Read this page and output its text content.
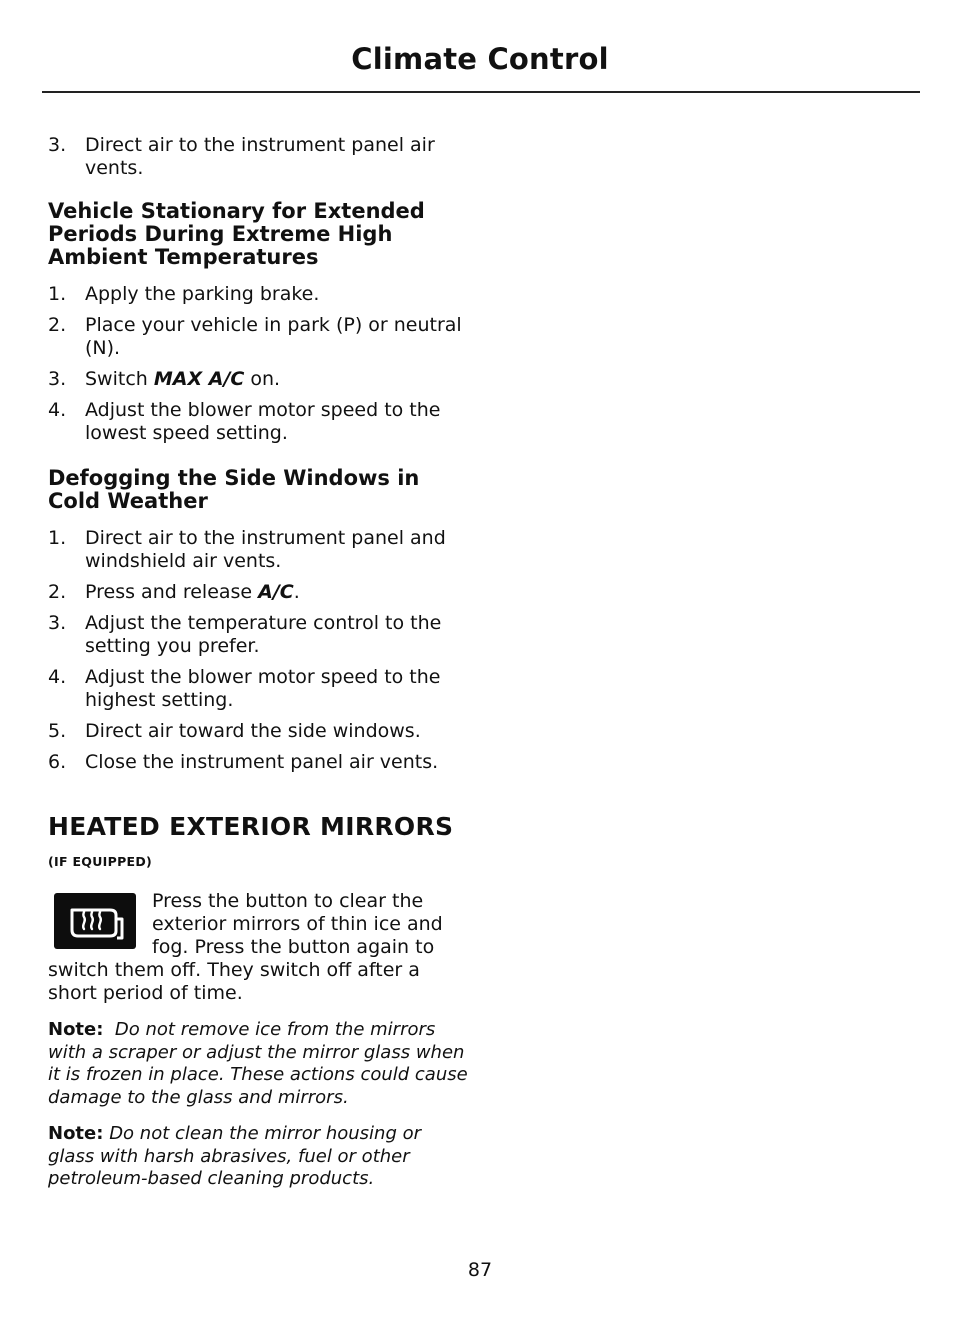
Climate Control
3. Direct air to the instrument panel air vents.
Vehicle Stationary for Extended Periods During Extreme High Ambient Temperatures
1. Apply the parking brake.
2. Place your vehicle in park (P) or neutral (N).
3. Switch MAX A/C on.
4. Adjust the blower motor speed to the lowest speed setting.
Defogging the Side Windows in Cold Weather
1. Direct air to the instrument panel and windshield air vents.
2. Press and release A/C.
3. Adjust the temperature control to the setting you prefer.
4. Adjust the blower motor speed to the highest setting.
5. Direct air toward the side windows.
6. Close the instrument panel air vents.
HEATED EXTERIOR MIRRORS
(IF EQUIPPED)

Press the button to clear the exterior mirrors of thin ice and fog. Press the button again to switch them off. They switch off after a short period of time.

Note: Do not remove ice from the mirrors with a scraper or adjust the mirror glass when it is frozen in place. These actions could cause damage to the glass and mirrors.

Note: Do not clean the mirror housing or glass with harsh abrasives, fuel or other petroleum-based cleaning products.

87
